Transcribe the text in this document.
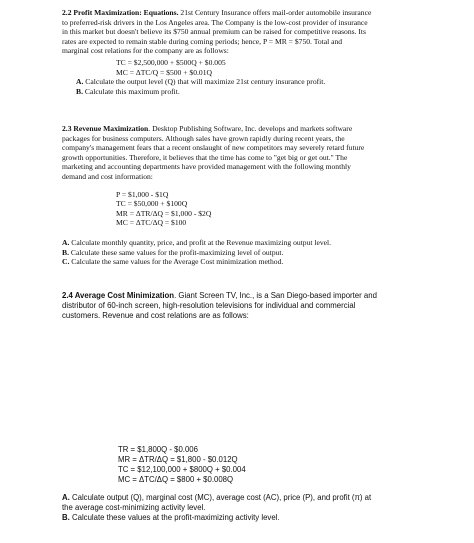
2.2 Profit Maximization: Equations. 21st Century Insurance offers mail-order automobile insurance
to preferred-risk drivers in the Los Angeles area. The Company is the low-cost provider of insurance
in this market but doesn't believe its $750 annual premium can be raised for competitive reasons. Its
rates are expected to remain stable during coming periods; hence, P = MR = $750. Total and
marginal cost relations for the company are as follows:

TC = $2,500,000 + $500Q + $0.005
MC = ΔTC/Q = $500 + $0.01Q
A. Calculate the output level (Q) that will maximize 21st century insurance profit.
B. Calculate this maximum profit.

2.3 Revenue Maximization. Desktop Publishing Software, Inc. develops and markets software
packages for business computers. Although sales have grown rapidly during recent years, the
company's management fears that a recent onslaught of new competitors may severely retard future
growth opportunities. Therefore, it believes that the time has come to "get big or get out." The
marketing and accounting departments have provided management with the following monthly
demand and cost information:

P = $1,000 - $1Q
TC = $50,000 + $100Q
MR = ΔTR/ΔQ = $1,000 - $2Q
MC = ΔTC/ΔQ = $100
A. Calculate monthly quantity, price, and profit at the Revenue maximizing output level.
B. Calculate these same values for the profit-maximizing level of output.
C. Calculate the same values for the Average Cost minimization method.

2.4 Average Cost Minimization. Giant Screen TV, Inc., is a San Diego-based importer and
distributor of 60-inch screen, high-resolution televisions for individual and commercial
customers. Revenue and cost relations are as follows:

TR = $1,800Q - $0.006
MR = ΔTR/ΔQ = $1,800 - $0.012Q
TC = $12,100,000 + $800Q + $0.004
MC = ΔTC/ΔQ = $800 + $0.008Q
A. Calculate output (Q), marginal cost (MC), average cost (AC), price (P), and profit (π) at
the average cost-minimizing activity level.
B. Calculate these values at the profit-maximizing activity level.
